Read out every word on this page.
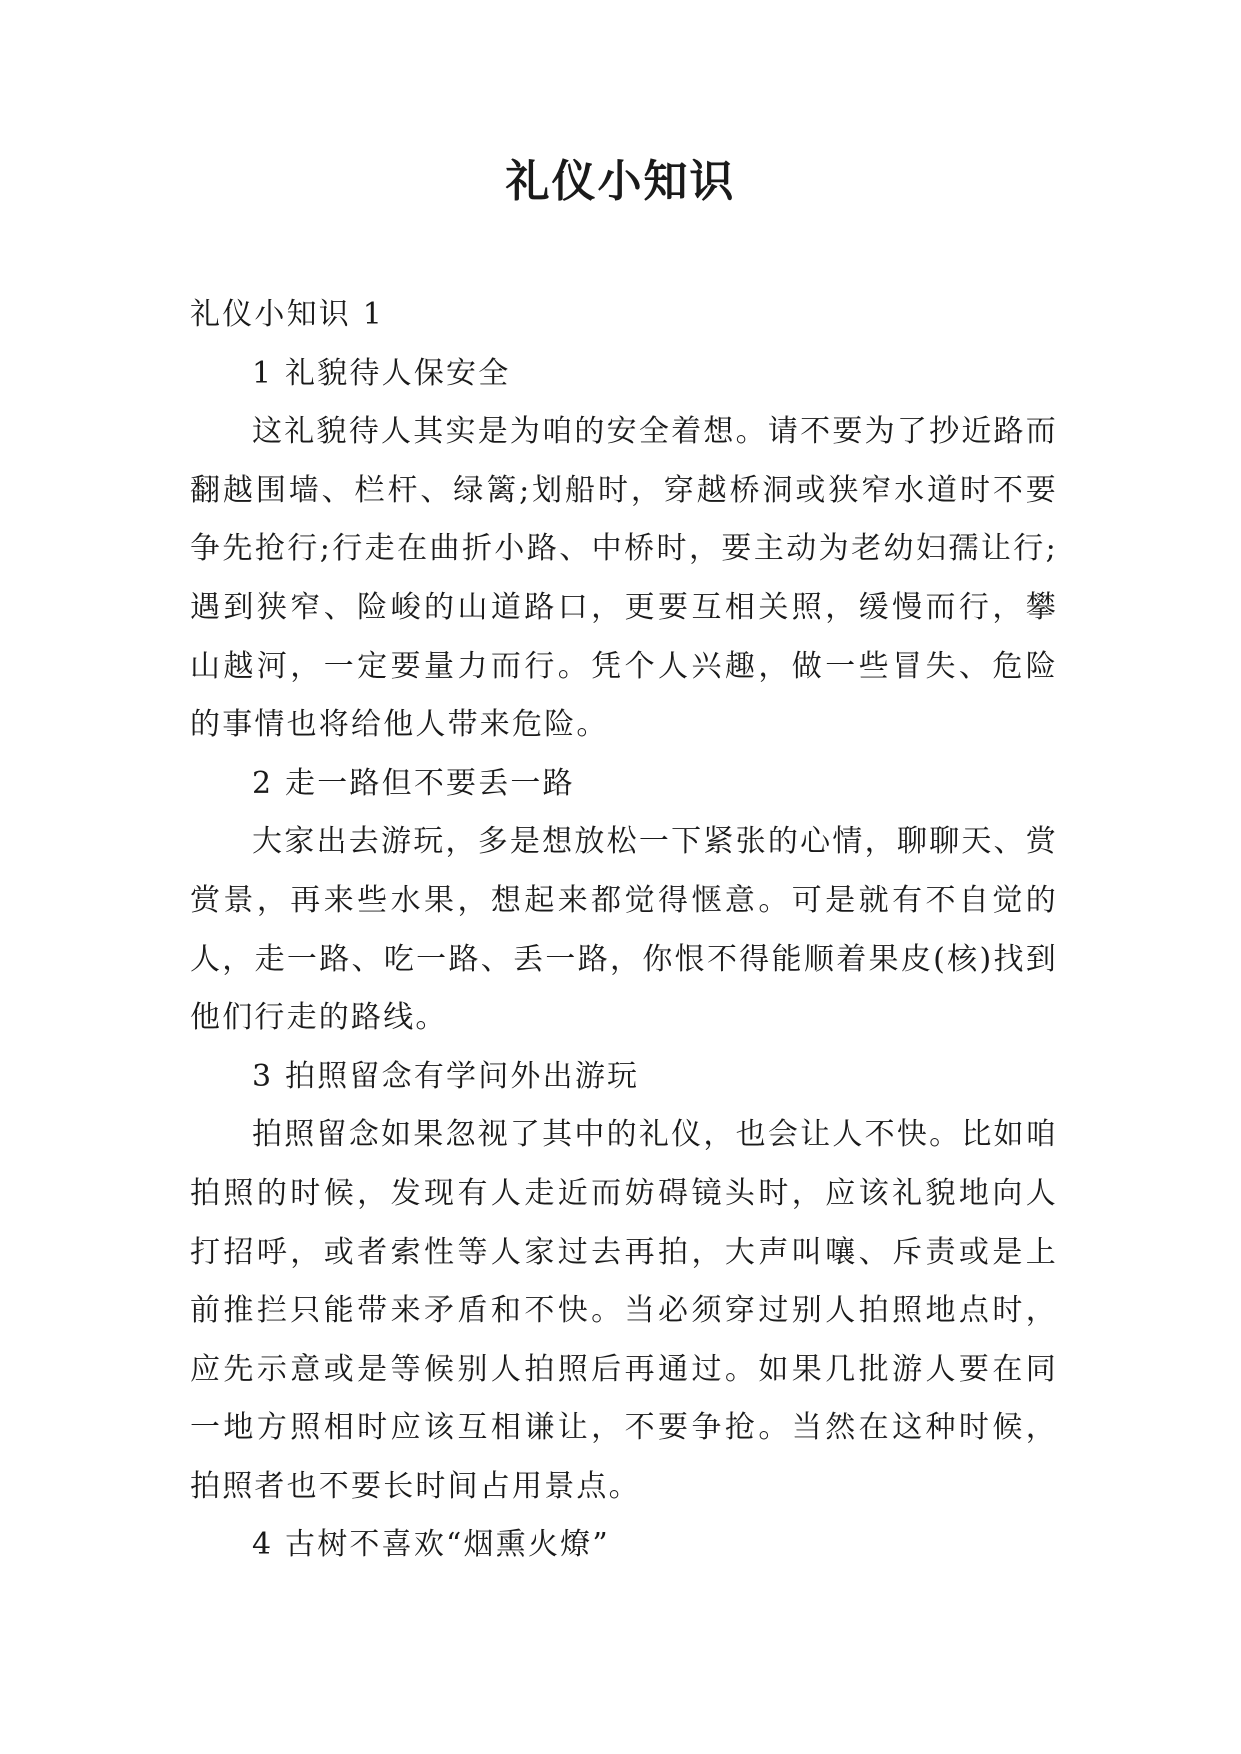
礼仪小知识

礼仪小知识 1

1 礼貌待人保安全

这礼貌待人其实是为咱的安全着想。请不要为了抄近路而翻越围墙、栏杆、绿篱;划船时，穿越桥洞或狭窄水道时不要争先抢行;行走在曲折小路、中桥时，要主动为老幼妇孺让行;遇到狭窄、险峻的山道路口，更要互相关照，缓慢而行，攀山越河，一定要量力而行。凭个人兴趣，做一些冒失、危险的事情也将给他人带来危险。

2 走一路但不要丢一路

大家出去游玩，多是想放松一下紧张的心情，聊聊天、赏赏景，再来些水果，想起来都觉得惬意。可是就有不自觉的人，走一路、吃一路、丢一路，你恨不得能顺着果皮(核)找到他们行走的路线。

3 拍照留念有学问外出游玩

拍照留念如果忽视了其中的礼仪，也会让人不快。比如咱拍照的时候，发现有人走近而妨碍镜头时，应该礼貌地向人打招呼，或者索性等人家过去再拍，大声叫嚷、斥责或是上前推拦只能带来矛盾和不快。当必须穿过别人拍照地点时，应先示意或是等候别人拍照后再通过。如果几批游人要在同一地方照相时应该互相谦让，不要争抢。当然在这种时候，拍照者也不要长时间占用景点。

4 古树不喜欢“烟熏火燎”
